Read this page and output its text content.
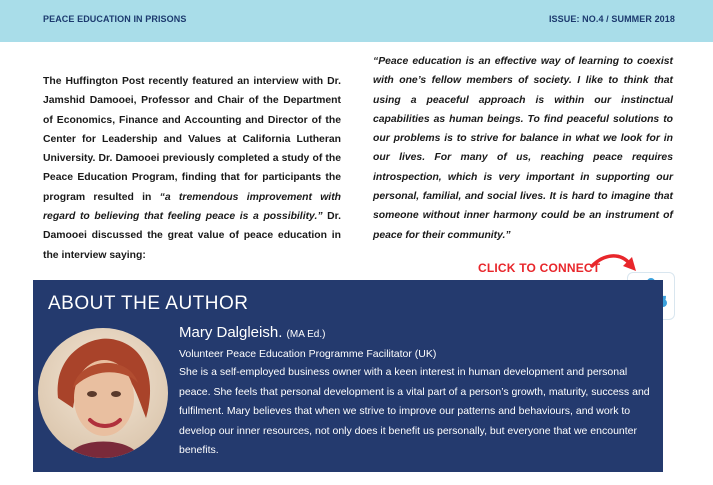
PEACE EDUCATION IN PRISONS	ISSUE: NO.4 / SUMMER 2018
The Huffington Post recently featured an interview with Dr. Jamshid Damooei, Professor and Chair of the Department of Economics, Finance and Accounting and Director of the Center for Leadership and Values at California Lutheran University. Dr. Damooei previously completed a study of the Peace Education Program, finding that for participants the program resulted in “a tremendous improvement with regard to believing that feeling peace is a possibility.” Dr. Damooei discussed the great value of peace education in the interview saying:
“Peace education is an effective way of learning to coexist with one’s fellow members of society. I like to think that using a peaceful approach is within our instinctual capabilities as human beings. To find peaceful solutions to our problems is to strive for balance in what we look for in our lives. For many of us, reaching peace requires introspection, which is very important in supporting our personal, familial, and social lives. It is hard to imagine that someone without inner harmony could be an instrument of peace for their community.”
CLICK TO CONNECT
ABOUT THE AUTHOR
Mary Dalgleish. (MA Ed.)
Volunteer Peace Education Programme Facilitator (UK)
She is a self-employed business owner with a keen interest in human development and personal peace. She feels that personal development is a vital part of a person’s growth, maturity, success and fulfilment. Mary believes that when we strive to improve our patterns and behaviours, and work to develop our inner resources, not only does it benefit us personally, but everyone that we encounter benefits.
